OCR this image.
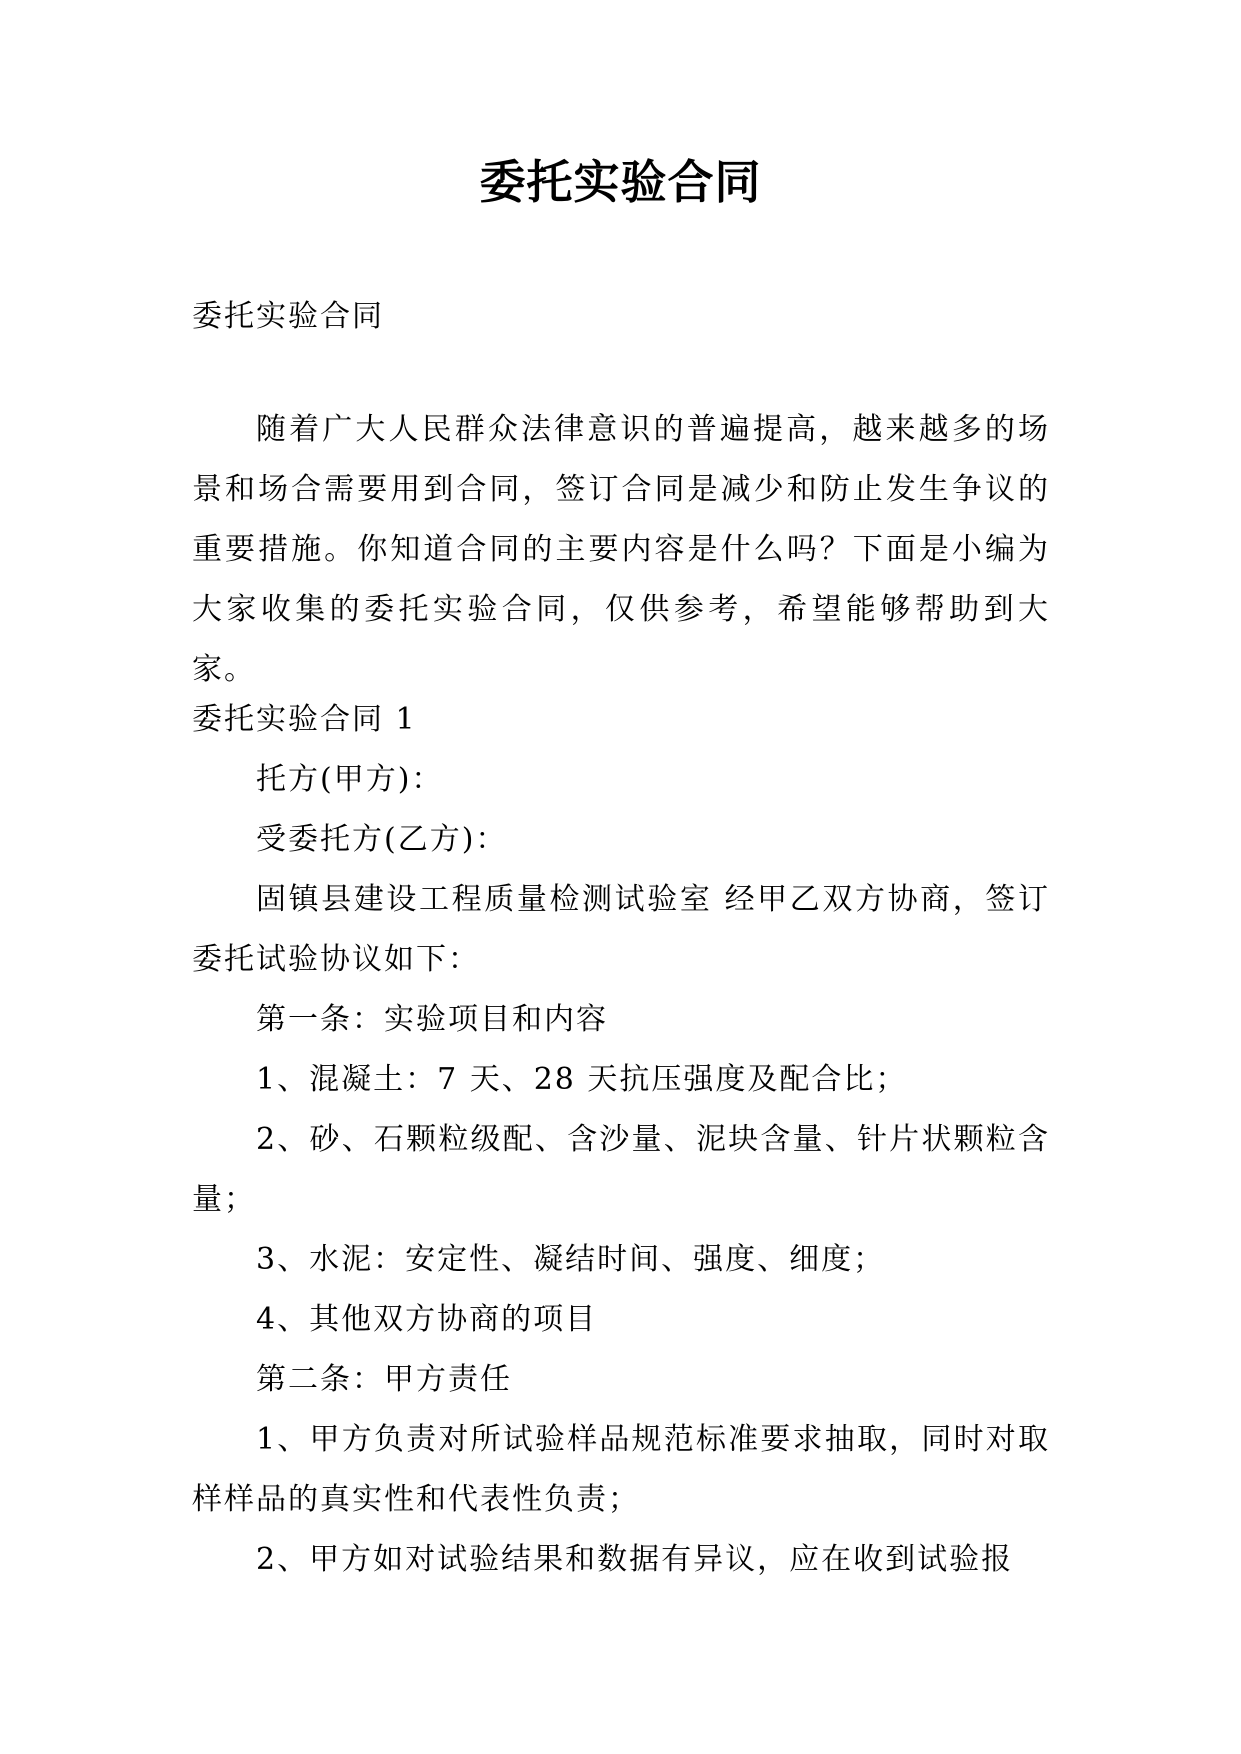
委托实验合同
委托实验合同
随着广大人民群众法律意识的普遍提高，越来越多的场景和场合需要用到合同，签订合同是减少和防止发生争议的重要措施。你知道合同的主要内容是什么吗？下面是小编为大家收集的委托实验合同，仅供参考，希望能够帮助到大家。

委托实验合同 1

托方(甲方)：

受委托方(乙方)：

固镇县建设工程质量检测试验室 经甲乙双方协商，签订委托试验协议如下：

第一条：实验项目和内容

1、混凝土：7 天、28 天抗压强度及配合比；

2、砂、石颗粒级配、含沙量、泥块含量、针片状颗粒含量；

3、水泥：安定性、凝结时间、强度、细度；

4、其他双方协商的项目

第二条：甲方责任

1、甲方负责对所试验样品规范标准要求抽取，同时对取样样品的真实性和代表性负责；

2、甲方如对试验结果和数据有异议，应在收到试验报
